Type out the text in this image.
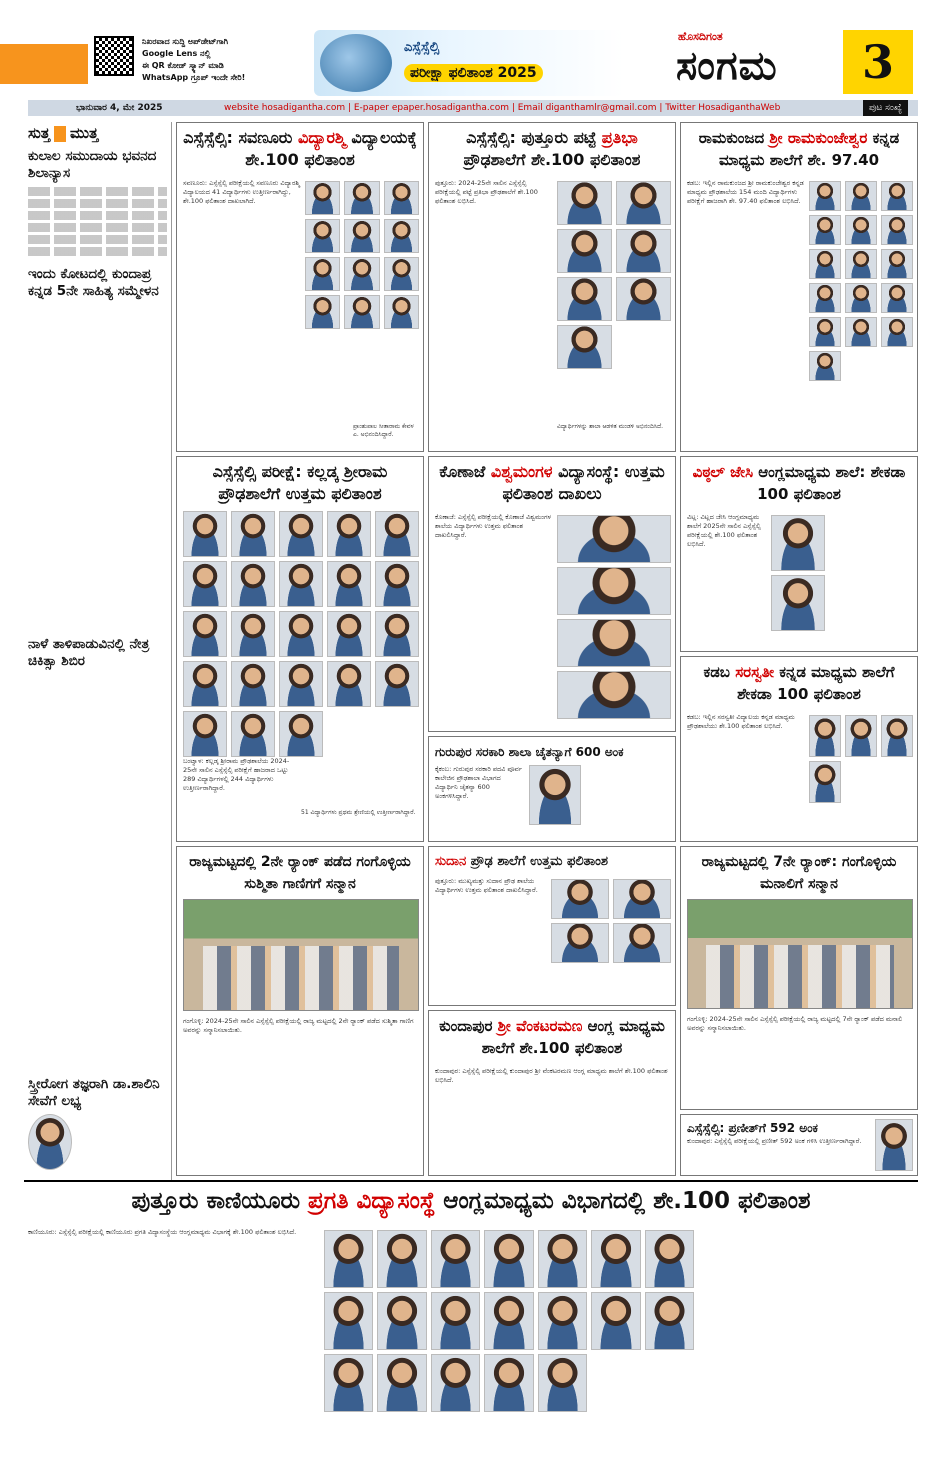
ನಿಖರವಾದ ಸುದ್ದಿ ಅಪ್‌ಡೇಟ್‌ಗಾಗಿ
Google Lens ನಲ್ಲಿ
ಈ QR ಕೋಡ್ ಸ್ಕ್ಯಾನ್ ಮಾಡಿ
WhatsApp ಗ್ರೂಪ್ ಇಂದೇ ಸೇರಿ!
ಎಸ್ಸೆಸ್ಸೆಲ್ಸಿ
ಪರೀಕ್ಷಾ ಫಲಿತಾಂಶ 2025
ಹೊಸದಿಗಂತ
ಸಂಗಮ	3
ಭಾನುವಾರ 4, ಮೇ 2025	website hosadigantha.com | E-paper epaper.hosadigantha.com | Email diganthamlr@gmail.com | Twitter HosadiganthaWeb	ಪುಟ ಸಂಖ್ಯೆ
ಸುತ್ತ ಮುತ್ತ
ಕುಲಾಲ ಸಮುದಾಯ ಭವನದ ಶಿಲಾನ್ಯಾಸ
ಇಂದು ಕೋಟದಲ್ಲಿ ಕುಂದಾಪ್ರ ಕನ್ನಡ 5ನೇ ಸಾಹಿತ್ಯ ಸಮ್ಮೇಳನ
ನಾಳೆ ತಾಳಿಪಾಡುವಿನಲ್ಲಿ ನೇತ್ರ ಚಿಕಿತ್ಸಾ ಶಿಬಿರ
ಸ್ತ್ರೀರೋಗ ತಜ್ಞರಾಗಿ ಡಾ.ಶಾಲಿನಿ ಸೇವೆಗೆ ಲಭ್ಯ
ಎಸ್ಸೆಸ್ಸೆಲ್ಸಿ: ಸವಣೂರು ವಿದ್ಯಾರಶ್ಮಿ ವಿದ್ಯಾಲಯಕ್ಕೆ ಶೇ.100 ಫಲಿತಾಂಶ
ಸವಣೂರು: ಎಸ್ಸೆಸ್ಸೆಲ್ಸಿ ಪರೀಕ್ಷೆಯಲ್ಲಿ ಸವಣೂರು ವಿದ್ಯಾರಶ್ಮಿ ವಿದ್ಯಾಲಯದ 41 ವಿದ್ಯಾರ್ಥಿಗಳು ಉತ್ತೀರ್ಣರಾಗಿದ್ದು, ಶೇ.100 ಫಲಿತಾಂಶ ದಾಖಲಾಗಿದೆ.
ಪ್ರಾಂಶುಪಾಲ ಸೀತಾರಾಮ ಕೇವಳ ಎ. ಅಭಿನಂದಿಸಿದ್ದಾರೆ.
ಎಸ್ಸೆಸ್ಸೆಲ್ಸಿ: ಪುತ್ತೂರು ಪಟ್ಟೆ ಪ್ರತಿಭಾ ಪ್ರೌಢಶಾಲೆಗೆ ಶೇ.100 ಫಲಿತಾಂಶ
ಪುತ್ತೂರು: 2024-25ನೇ ಸಾಲಿನ ಎಸ್ಸೆಸ್ಸೆಲ್ಸಿ ಪರೀಕ್ಷೆಯಲ್ಲಿ ಪಟ್ಟೆ ಪ್ರತಿಭಾ ಪ್ರೌಢಶಾಲೆಗೆ ಶೇ.100 ಫಲಿತಾಂಶ ಲಭಿಸಿದೆ.
ವಿದ್ಯಾರ್ಥಿಗಳನ್ನು ಶಾಲಾ ಆಡಳಿತ ಮಂಡಳಿ ಅಭಿನಂದಿಸಿದೆ.
ರಾಮಕುಂಜದ ಶ್ರೀ ರಾಮಕುಂಜೇಶ್ವರ ಕನ್ನಡ ಮಾಧ್ಯಮ ಶಾಲೆಗೆ ಶೇ. 97.40
ಕಡಬ: ಇಲ್ಲಿನ ರಾಮಕುಂಜದ ಶ್ರೀ ರಾಮಕುಂಜೇಶ್ವರ ಕನ್ನಡ ಮಾಧ್ಯಮ ಪ್ರೌಢಶಾಲೆಯ 154 ಮಂದಿ ವಿದ್ಯಾರ್ಥಿಗಳು ಪರೀಕ್ಷೆಗೆ ಹಾಜರಾಗಿ ಶೇ. 97.40 ಫಲಿತಾಂಶ ಲಭಿಸಿದೆ.
ಎಸ್ಸೆಸ್ಸೆಲ್ಸಿ ಪರೀಕ್ಷೆ: ಕಲ್ಲಡ್ಕ ಶ್ರೀರಾಮ ಪ್ರೌಢಶಾಲೆಗೆ ಉತ್ತಮ ಫಲಿತಾಂಶ
ಬಂಟ್ವಾಳ: ಕಲ್ಲಡ್ಕ ಶ್ರೀರಾಮ ಪ್ರೌಢಶಾಲೆಯ 2024-25ನೇ ಸಾಲಿನ ಎಸ್ಸೆಸ್ಸೆಲ್ಸಿ ಪರೀಕ್ಷೆಗೆ ಹಾಜರಾದ ಒಟ್ಟು 289 ವಿದ್ಯಾರ್ಥಿಗಳಲ್ಲಿ 244 ವಿದ್ಯಾರ್ಥಿಗಳು ಉತ್ತೀರ್ಣರಾಗಿದ್ದಾರೆ.
51 ವಿದ್ಯಾರ್ಥಿಗಳು ಪ್ರಥಮ ಶ್ರೇಣಿಯಲ್ಲಿ ಉತ್ತೀರ್ಣರಾಗಿದ್ದಾರೆ.
ಕೊಣಾಜೆ ವಿಶ್ವಮಂಗಳ ವಿದ್ಯಾಸಂಸ್ಥೆ: ಉತ್ತಮ ಫಲಿತಾಂಶ ದಾಖಲು
ಕೊಣಾಜೆ: ಎಸ್ಸೆಸ್ಸೆಲ್ಸಿ ಪರೀಕ್ಷೆಯಲ್ಲಿ ಕೊಣಾಜೆ ವಿಶ್ವಮಂಗಳ ಶಾಲೆಯ ವಿದ್ಯಾರ್ಥಿಗಳು ಉತ್ತಮ ಫಲಿತಾಂಶ ದಾಖಲಿಸಿದ್ದಾರೆ.
ವಿಠ್ಠಲ್ ಜೇಸಿ ಆಂಗ್ಲಮಾಧ್ಯಮ ಶಾಲೆ: ಶೇಕಡಾ 100 ಫಲಿತಾಂಶ
ವಿಟ್ಲ: ವಿಟ್ಲದ ಜೇಸಿ ಆಂಗ್ಲಮಾಧ್ಯಮ ಶಾಲೆಗೆ 2025ನೇ ಸಾಲಿನ ಎಸ್ಸೆಸ್ಸೆಲ್ಸಿ ಪರೀಕ್ಷೆಯಲ್ಲಿ ಶೇ.100 ಫಲಿತಾಂಶ ಲಭಿಸಿದೆ.
ಕಡಬ ಸರಸ್ವತೀ ಕನ್ನಡ ಮಾಧ್ಯಮ ಶಾಲೆಗೆ ಶೇಕಡಾ 100 ಫಲಿತಾಂಶ
ಕಡಬ: ಇಲ್ಲಿನ ಸರಸ್ವತೀ ವಿದ್ಯಾಲಯ ಕನ್ನಡ ಮಾಧ್ಯಮ ಪ್ರೌಢಶಾಲೆಯು ಶೇ.100 ಫಲಿತಾಂಶ ಲಭಿಸಿದೆ.
ಗುರುಪುರ ಸರಕಾರಿ ಶಾಲಾ ಚೈತನ್ಯಾಗೆ 600 ಅಂಕ
ಕೈಕಂಬ: ಗುರುಪುರ ಸರಕಾರಿ ಪದವಿ ಪೂರ್ವ ಕಾಲೇಜಿನ ಪ್ರೌಢಶಾಲಾ ವಿಭಾಗದ ವಿದ್ಯಾರ್ಥಿನಿ ಚೈತನ್ಯಾ 600 ಅಂಕಗಳಿಸಿದ್ದಾರೆ.
ರಾಜ್ಯಮಟ್ಟದಲ್ಲಿ 2ನೇ ರ್‍ಯಾಂಕ್ ಪಡೆದ ಗಂಗೊಳ್ಳಿಯ ಸುಶ್ಮಿತಾ ಗಾಣಿಗಗೆ ಸನ್ಮಾನ
ಗಂಗೊಳ್ಳಿ: 2024-25ನೇ ಸಾಲಿನ ಎಸ್ಸೆಸ್ಸೆಲ್ಸಿ ಪರೀಕ್ಷೆಯಲ್ಲಿ ರಾಜ್ಯ ಮಟ್ಟದಲ್ಲಿ 2ನೇ ರ್‍ಯಾಂಕ್ ಪಡೆದ ಸುಶ್ಮಿತಾ ಗಾಣಿಗ ಅವರನ್ನು ಸನ್ಮಾನಿಸಲಾಯಿತು.
ಸುದಾನ ಪ್ರೌಢ ಶಾಲೆಗೆ ಉತ್ತಮ ಫಲಿತಾಂಶ
ಪುತ್ತೂರು: ಮುಖ್ಯಮತ್ತು ಸುದಾನ ಪ್ರೌಢ ಶಾಲೆಯ ವಿದ್ಯಾರ್ಥಿಗಳು ಉತ್ತಮ ಫಲಿತಾಂಶ ದಾಖಲಿಸಿದ್ದಾರೆ.
ಕುಂದಾಪುರ ಶ್ರೀ ವೆಂಕಟರಮಣ ಆಂಗ್ಲ ಮಾಧ್ಯಮ ಶಾಲೆಗೆ ಶೇ.100 ಫಲಿತಾಂಶ
ಕುಂದಾಪುರ: ಎಸ್ಸೆಸ್ಸೆಲ್ಸಿ ಪರೀಕ್ಷೆಯಲ್ಲಿ ಕುಂದಾಪುರ ಶ್ರೀ ವೆಂಕಟರಮಣ ಆಂಗ್ಲ ಮಾಧ್ಯಮ ಶಾಲೆಗೆ ಶೇ.100 ಫಲಿತಾಂಶ ಲಭಿಸಿದೆ.
ರಾಜ್ಯಮಟ್ಟದಲ್ಲಿ 7ನೇ ರ್‍ಯಾಂಕ್: ಗಂಗೊಳ್ಳಿಯ ಮನಾಲಿಗೆ ಸನ್ಮಾನ
ಗಂಗೊಳ್ಳಿ: 2024-25ನೇ ಸಾಲಿನ ಎಸ್ಸೆಸ್ಸೆಲ್ಸಿ ಪರೀಕ್ಷೆಯಲ್ಲಿ ರಾಜ್ಯ ಮಟ್ಟದಲ್ಲಿ 7ನೇ ರ್‍ಯಾಂಕ್ ಪಡೆದ ಮನಾಲಿ ಅವರನ್ನು ಸನ್ಮಾನಿಸಲಾಯಿತು.
ಎಸ್ಸೆಸ್ಸೆಲ್ಸಿ: ಪ್ರಣೀತ್‌ಗೆ 592 ಅಂಕ
ಕುಂದಾಪುರ: ಎಸ್ಸೆಸ್ಸೆಲ್ಸಿ ಪರೀಕ್ಷೆಯಲ್ಲಿ ಪ್ರಣೀತ್ 592 ಅಂಕ ಗಳಿಸಿ ಉತ್ತೀರ್ಣರಾಗಿದ್ದಾರೆ.
ಪುತ್ತೂರು ಕಾಣಿಯೂರು ಪ್ರಗತಿ ವಿದ್ಯಾಸಂಸ್ಥೆ ಆಂಗ್ಲಮಾಧ್ಯಮ ವಿಭಾಗದಲ್ಲಿ ಶೇ.100 ಫಲಿತಾಂಶ
ಕಾಣಿಯೂರು: ಎಸ್ಸೆಸ್ಸೆಲ್ಸಿ ಪರೀಕ್ಷೆಯಲ್ಲಿ ಕಾಣಿಯೂರು ಪ್ರಗತಿ ವಿದ್ಯಾಸಂಸ್ಥೆಯ ಆಂಗ್ಲಮಾಧ್ಯಮ ವಿಭಾಗಕ್ಕೆ ಶೇ.100 ಫಲಿತಾಂಶ ಲಭಿಸಿದೆ.
